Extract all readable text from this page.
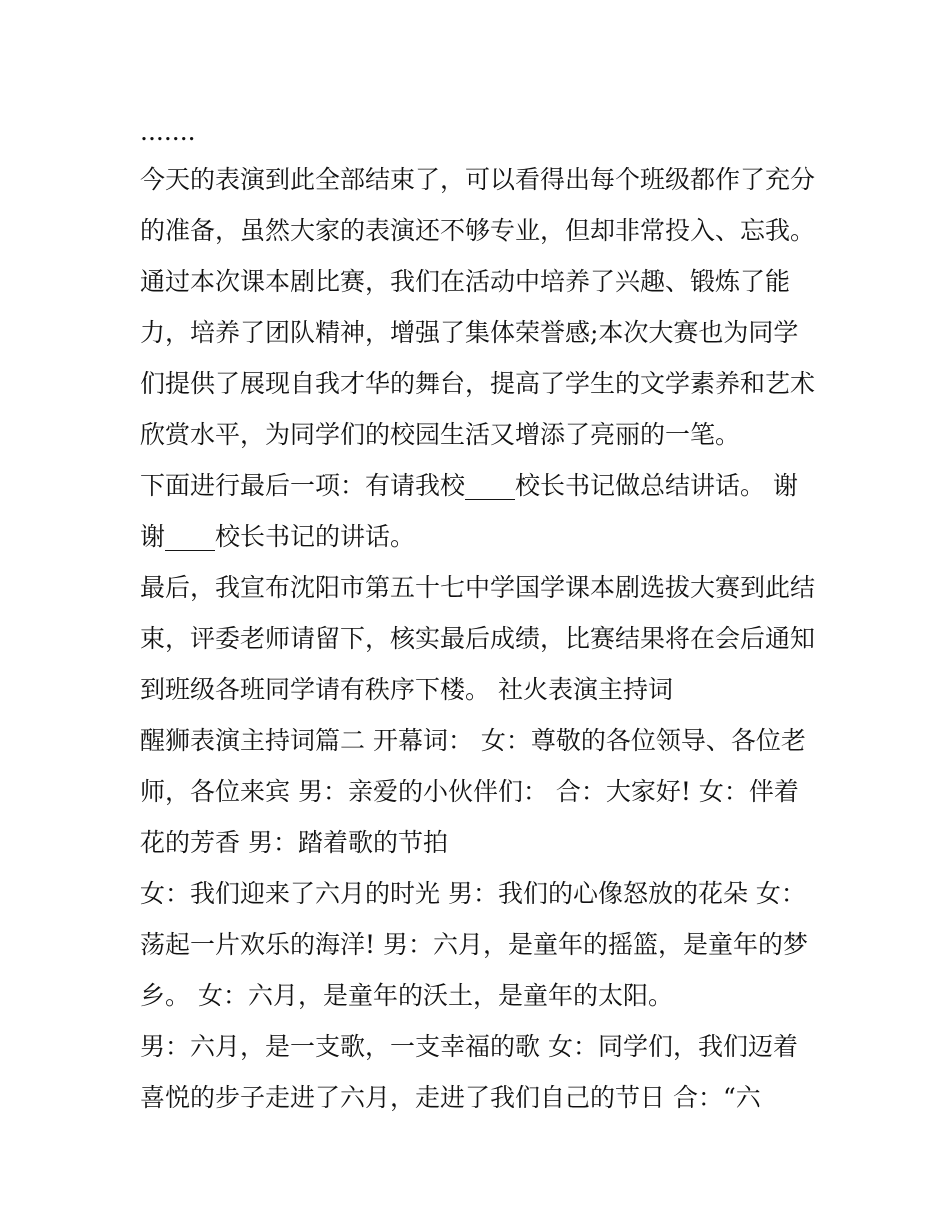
.......

今天的表演到此全部结束了，可以看得出每个班级都作了充分

的准备，虽然大家的表演还不够专业，但却非常投入、忘我。

通过本次课本剧比赛，我们在活动中培养了兴趣、锻炼了能

力，培养了团队精神，增强了集体荣誉感;本次大赛也为同学

们提供了展现自我才华的舞台，提高了学生的文学素养和艺术

欣赏水平，为同学们的校园生活又增添了亮丽的一笔。

下面进行最后一项：有请我校____校长书记做总结讲话。 谢

谢____校长书记的讲话。

最后，我宣布沈阳市第五十七中学国学课本剧选拔大赛到此结

束，评委老师请留下，核实最后成绩，比赛结果将在会后通知

到班级各班同学请有秩序下楼。 社火表演主持词

醒狮表演主持词篇二 开幕词： 女：尊敬的各位领导、各位老

师，各位来宾 男：亲爱的小伙伴们： 合：大家好! 女：伴着

花的芳香 男：踏着歌的节拍

女：我们迎来了六月的时光 男：我们的心像怒放的花朵 女：

荡起一片欢乐的海洋! 男：六月，是童年的摇篮，是童年的梦

乡。 女：六月，是童年的沃土，是童年的太阳。

男：六月，是一支歌，一支幸福的歌 女：同学们，我们迈着

喜悦的步子走进了六月，走进了我们自己的节日 合：“六
